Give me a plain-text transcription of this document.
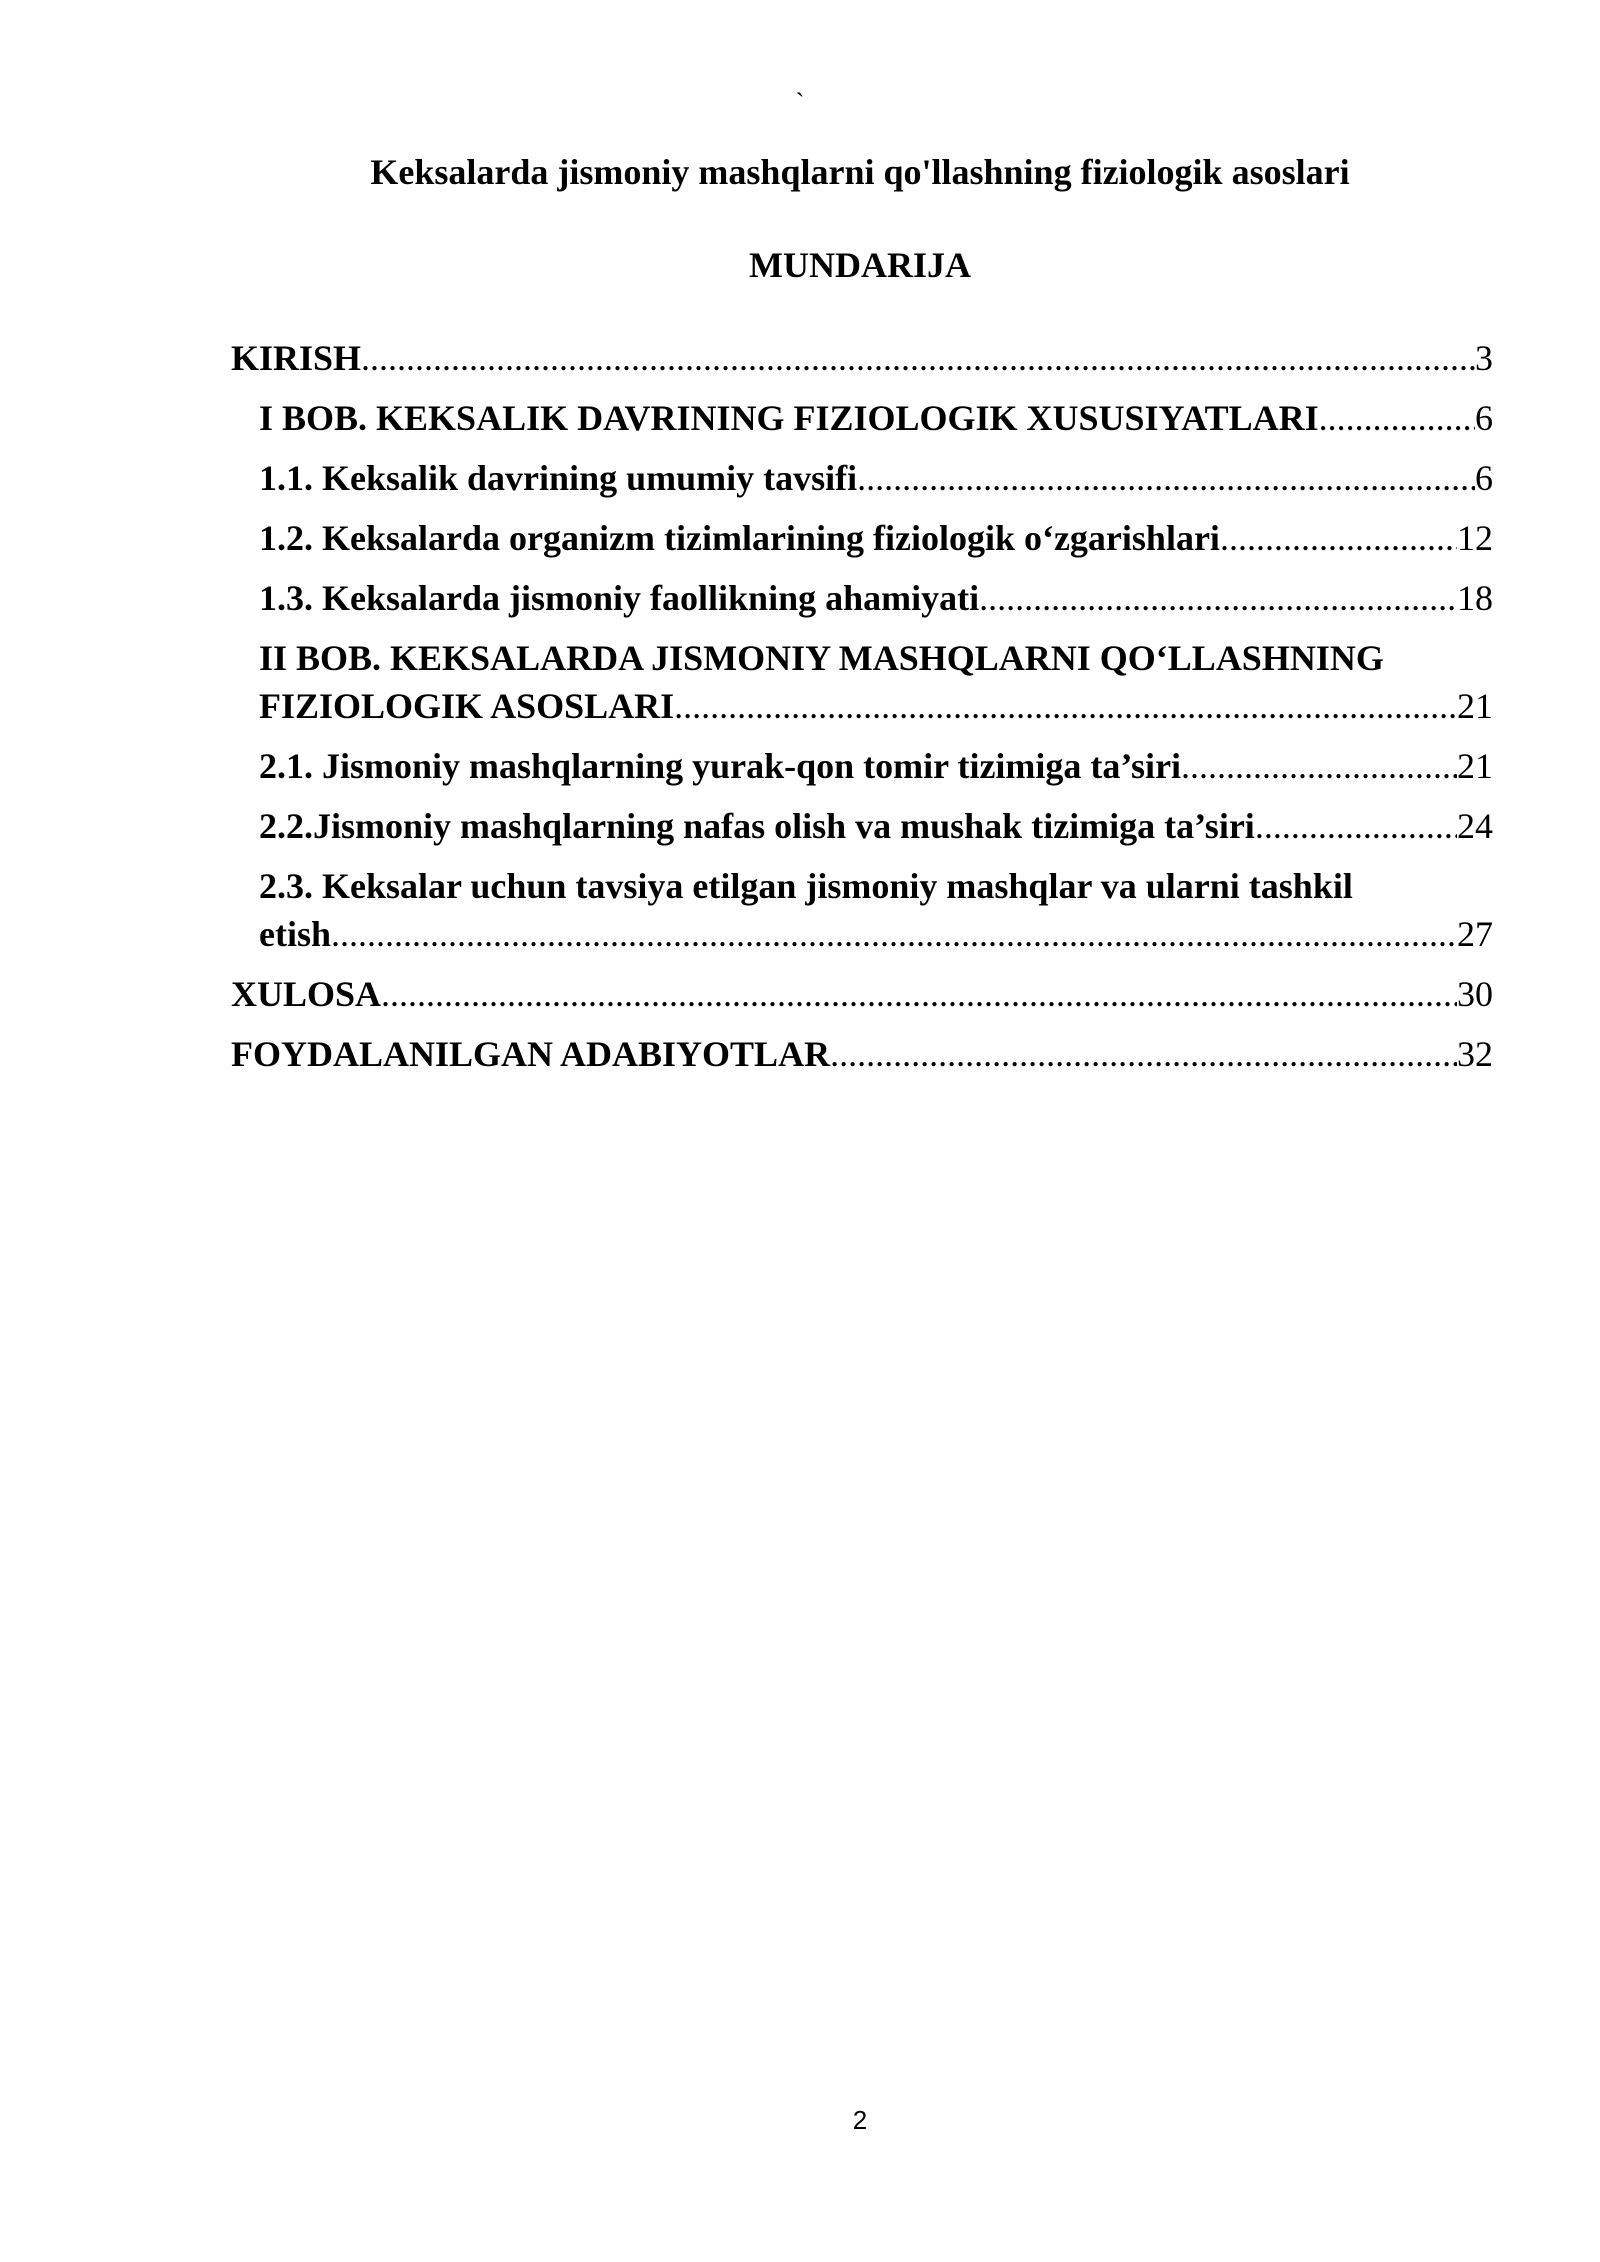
`
Keksalarda jismoniy mashqlarni qo'llashning fiziologik asoslari
MUNDARIJA
KIRISH .....	3
I BOB. KEKSALIK DAVRINING FIZIOLOGIK XUSUSIYATLARI .....	6
1.1. Keksalik davrining umumiy tavsifi .....	6
1.2. Keksalarda organizm tizimlarining fiziologik o‘zgarishlari .....	12
1.3. Keksalarda jismoniy faollikning ahamiyati .....	18
II BOB. KEKSALARDA JISMONIY MASHQLARNI QO‘LLASHNING
FIZIOLOGIK ASOSLARI .....	21
2.1. Jismoniy mashqlarning yurak-qon tomir tizimiga ta’siri .....	21
2.2.Jismoniy mashqlarning nafas olish va mushak tizimiga ta’siri .....	24
2.3. Keksalar uchun tavsiya etilgan jismoniy mashqlar va ularni tashkil
etish .....	27
XULOSA .....	30
FOYDALANILGAN ADABIYOTLAR .....	32
2
